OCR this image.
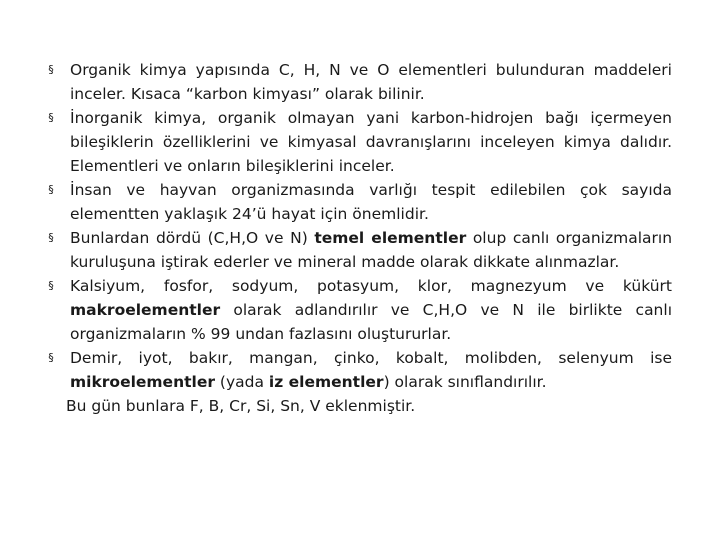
§ Organik kimya yapısında C, H, N ve O elementleri bulunduran maddeleri inceler. Kısaca “karbon kimyası” olarak bilinir.
§ İnorganik kimya, organik olmayan yani karbon-hidrojen bağı içermeyen bileşiklerin özelliklerini ve kimyasal davranışlarını inceleyen kimya dalıdır. Elementleri ve onların bileşiklerini inceler.
§ İnsan ve hayvan organizmasında varlığı tespit edilebilen çok sayıda elementten yaklaşık 24’ü hayat için önemlidir.
§ Bunlardan dördü (C,H,O ve N) temel elementler olup canlı organizmaların kuruluşuna iştirak ederler ve mineral madde olarak dikkate alınmazlar.
§ Kalsiyum, fosfor, sodyum, potasyum, klor, magnezyum ve kükürt makroelementler olarak adlandırılır ve C,H,O ve N ile birlikte canlı organizmaların % 99 undan fazlasını oluştururlar.
§ Demir, iyot, bakır, mangan, çinko, kobalt, molibden, selenyum ise mikroelementler (yada iz elementler) olarak sınıflandırılır.
Bu gün bunlara F, B, Cr, Si, Sn, V eklenmiştir.
